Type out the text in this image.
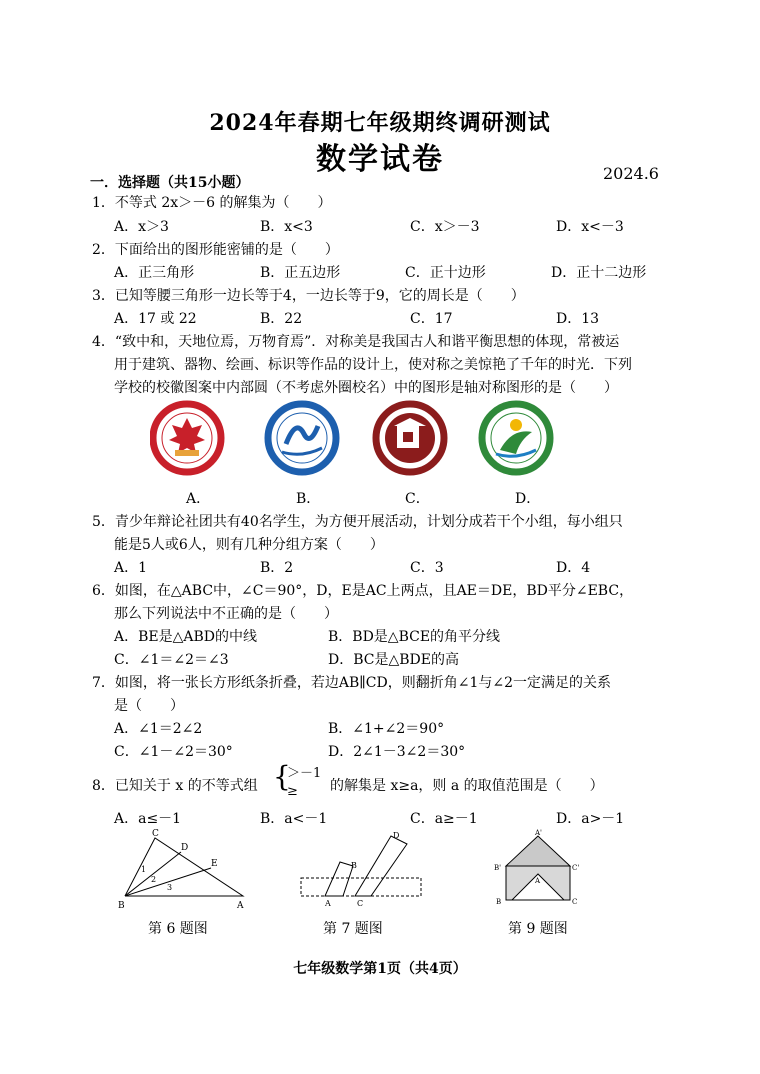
2024年春期七年级期终调研测试
数学试卷	2024.6
一．选择题（共15小题）
1．不等式 2x＞－6 的解集为（　　）
A．x＞3	B．x<3	C．x＞－3	D．x<－3
2．下面给出的图形能密铺的是（　　）
A．正三角形	B．正五边形	C．正十边形	D．正十二边形
3．已知等腰三角形一边长等于4，一边长等于9，它的周长是（　　）
A．17 或 22	B．22	C．17	D．13
4．“致中和，天地位焉，万物育焉”．对称美是我国古人和谐平衡思想的体现，常被运
用于建筑、器物、绘画、标识等作品的设计上，使对称之美惊艳了千年的时光．下列
学校的校徽图案中内部圆（不考虑外圈校名）中的图形是轴对称图形的是（　　）
A．	B．	C．	D．
5．青少年辩论社团共有40名学生，为方便开展活动，计划分成若干个小组，每小组只
能是5人或6人，则有几种分组方案（　　）
A．1	B．2	C．3	D．4
6．如图，在△ABC中，∠C＝90°，D，E是AC上两点，且AE＝DE，BD平分∠EBC，
那么下列说法中不正确的是（　　）
A．BE是△ABD的中线	B．BD是△BCE的角平分线
C．∠1＝∠2＝∠3	D．BC是△BDE的高
7．如图，将一张长方形纸条折叠，若边AB∥CD，则翻折角∠1与∠2一定满足的关系
是（　　）
A．∠1＝2∠2	B．∠1+∠2＝90°
C．∠1－∠2＝30°	D．2∠1－3∠2＝30°
8．已知关于 x 的不等式组 {
＞－1
≥ 的解集是 x≥a，则 a 的取值范围是（　　）
A．a≤－1	B．a<－1	C．a≥－1	D．a>－1
C
D
E
1
2
3
B	A
第 6 题图
D
B
A	C
第 7 题图
A'
B'	C'
A
B	C
第 9 题图
七年级数学第1页（共4页）
